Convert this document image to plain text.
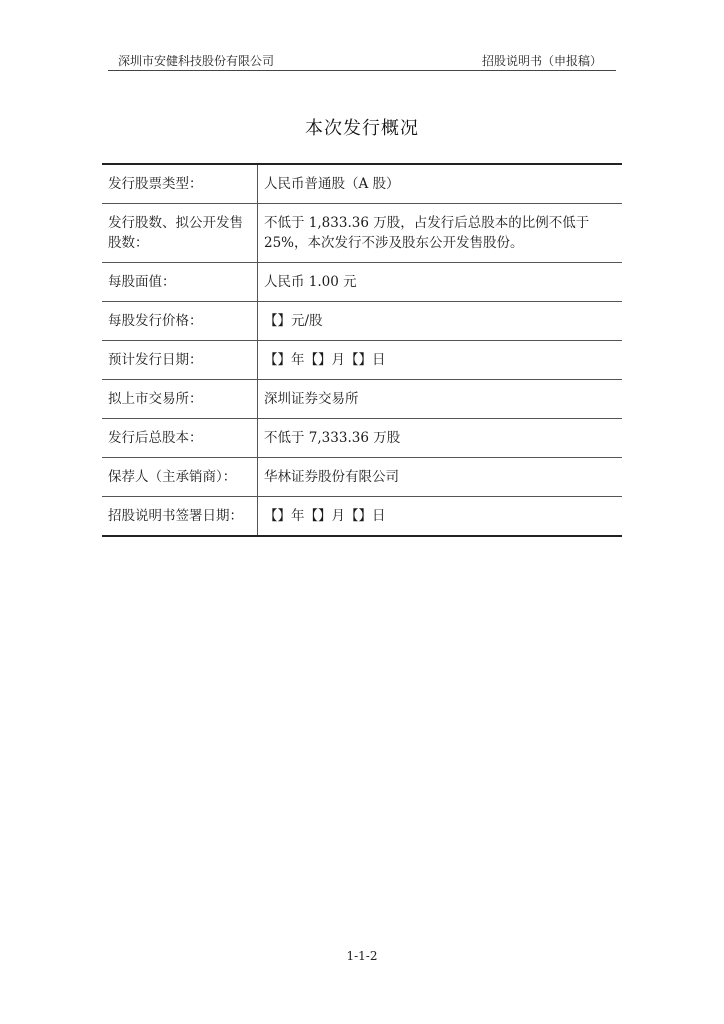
深圳市安健科技股份有限公司	招股说明书（申报稿）
本次发行概况
发行股票类型：	人民币普通股（A 股）
发行股数、拟公开发售股数：	不低于 1,833.36 万股，占发行后总股本的比例不低于 25%，本次发行不涉及股东公开发售股份。
每股面值：	人民币 1.00 元
每股发行价格：	【】元/股
预计发行日期：	【】年【】月【】日
拟上市交易所：	深圳证券交易所
发行后总股本：	不低于 7,333.36 万股
保荐人（主承销商）：	华林证券股份有限公司
招股说明书签署日期：	【】年【】月【】日
1-1-2
